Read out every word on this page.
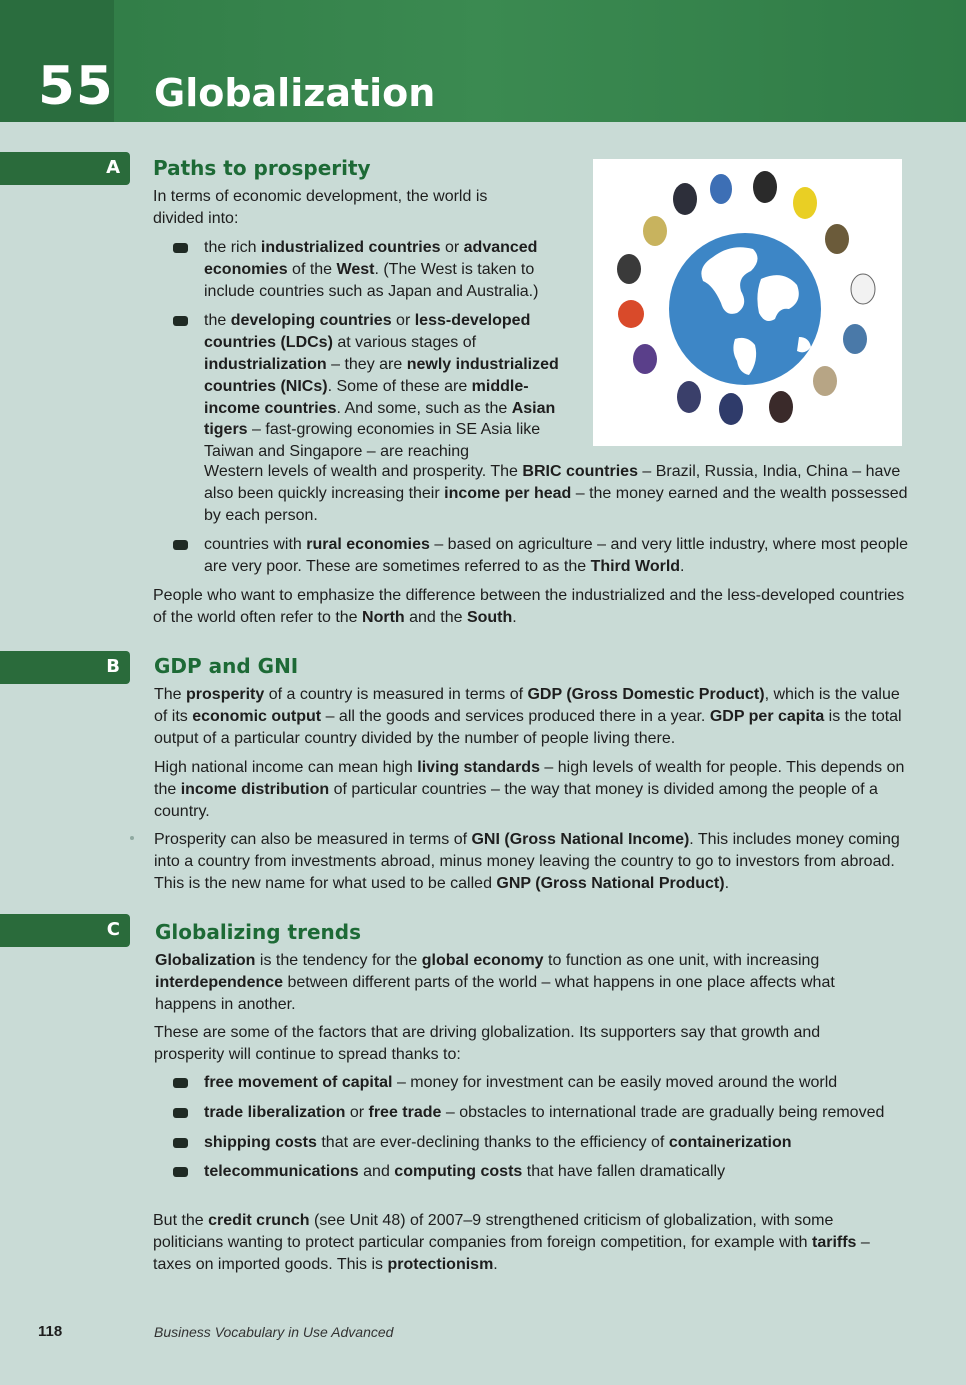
55 Globalization
A Paths to prosperity

In terms of economic development, the world is divided into:

the rich industrialized countries or advanced economies of the West. (The West is taken to include countries such as Japan and Australia.)
the developing countries or less-developed countries (LDCs) at various stages of industrialization – they are newly industrialized countries (NICs). Some of these are middle-income countries. And some, such as the Asian tigers – fast-growing economies in SE Asia like Taiwan and Singapore – are reaching

Western levels of wealth and prosperity. The BRIC countries – Brazil, Russia, India, China – have also been quickly increasing their income per head – the money earned and the wealth possessed by each person.

countries with rural economies – based on agriculture – and very little industry, where most people are very poor. These are sometimes referred to as the Third World.

People who want to emphasize the difference between the industrialized and the less-developed countries of the world often refer to the North and the South.

B GDP and GNI

The prosperity of a country is measured in terms of GDP (Gross Domestic Product), which is the value of its economic output – all the goods and services produced there in a year. GDP per capita is the total output of a particular country divided by the number of people living there.

High national income can mean high living standards – high levels of wealth for people. This depends on the income distribution of particular countries – the way that money is divided among the people of a country.

Prosperity can also be measured in terms of GNI (Gross National Income). This includes money coming into a country from investments abroad, minus money leaving the country to go to investors from abroad. This is the new name for what used to be called GNP (Gross National Product).

C Globalizing trends

Globalization is the tendency for the global economy to function as one unit, with increasing interdependence between different parts of the world – what happens in one place affects what happens in another.

These are some of the factors that are driving globalization. Its supporters say that growth and prosperity will continue to spread thanks to:

free movement of capital – money for investment can be easily moved around the world
trade liberalization or free trade – obstacles to international trade are gradually being removed
shipping costs that are ever-declining thanks to the efficiency of containerization
telecommunications and computing costs that have fallen dramatically

But the credit crunch (see Unit 48) of 2007–9 strengthened criticism of globalization, with some politicians wanting to protect particular companies from foreign competition, for example with tariffs – taxes on imported goods. This is protectionism.

118	Business Vocabulary in Use Advanced
